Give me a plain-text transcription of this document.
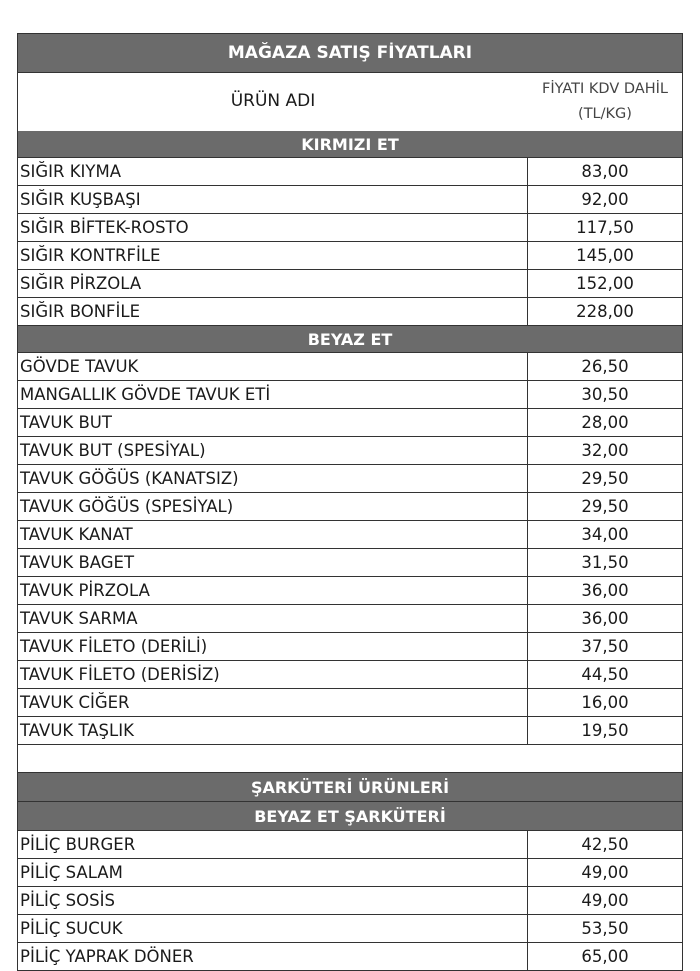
MAĞAZA SATIŞ FİYATLARI
ÜRÜN ADI
FİYATI KDV DAHİL
(TL/KG)
KIRMIZI ET
SIĞIR KIYMA	83,00
SIĞIR KUŞBAŞI	92,00
SIĞIR BİFTEK-ROSTO	117,50
SIĞIR KONTRFİLE	145,00
SIĞIR PİRZOLA	152,00
SIĞIR BONFİLE	228,00
BEYAZ ET
GÖVDE TAVUK	26,50
MANGALLIK GÖVDE TAVUK ETİ	30,50
TAVUK BUT	28,00
TAVUK BUT (SPESİYAL)	32,00
TAVUK GÖĞÜS (KANATSIZ)	29,50
TAVUK GÖĞÜS (SPESİYAL)	29,50
TAVUK KANAT	34,00
TAVUK BAGET	31,50
TAVUK PİRZOLA	36,00
TAVUK SARMA	36,00
TAVUK FİLETO (DERİLİ)	37,50
TAVUK FİLETO (DERİSİZ)	44,50
TAVUK CİĞER	16,00
TAVUK TAŞLIK	19,50
ŞARKÜTERİ ÜRÜNLERİ
BEYAZ ET ŞARKÜTERİ
PİLİÇ BURGER	42,50
PİLİÇ SALAM	49,00
PİLİÇ SOSİS	49,00
PİLİÇ SUCUK	53,50
PİLİÇ YAPRAK DÖNER	65,00
